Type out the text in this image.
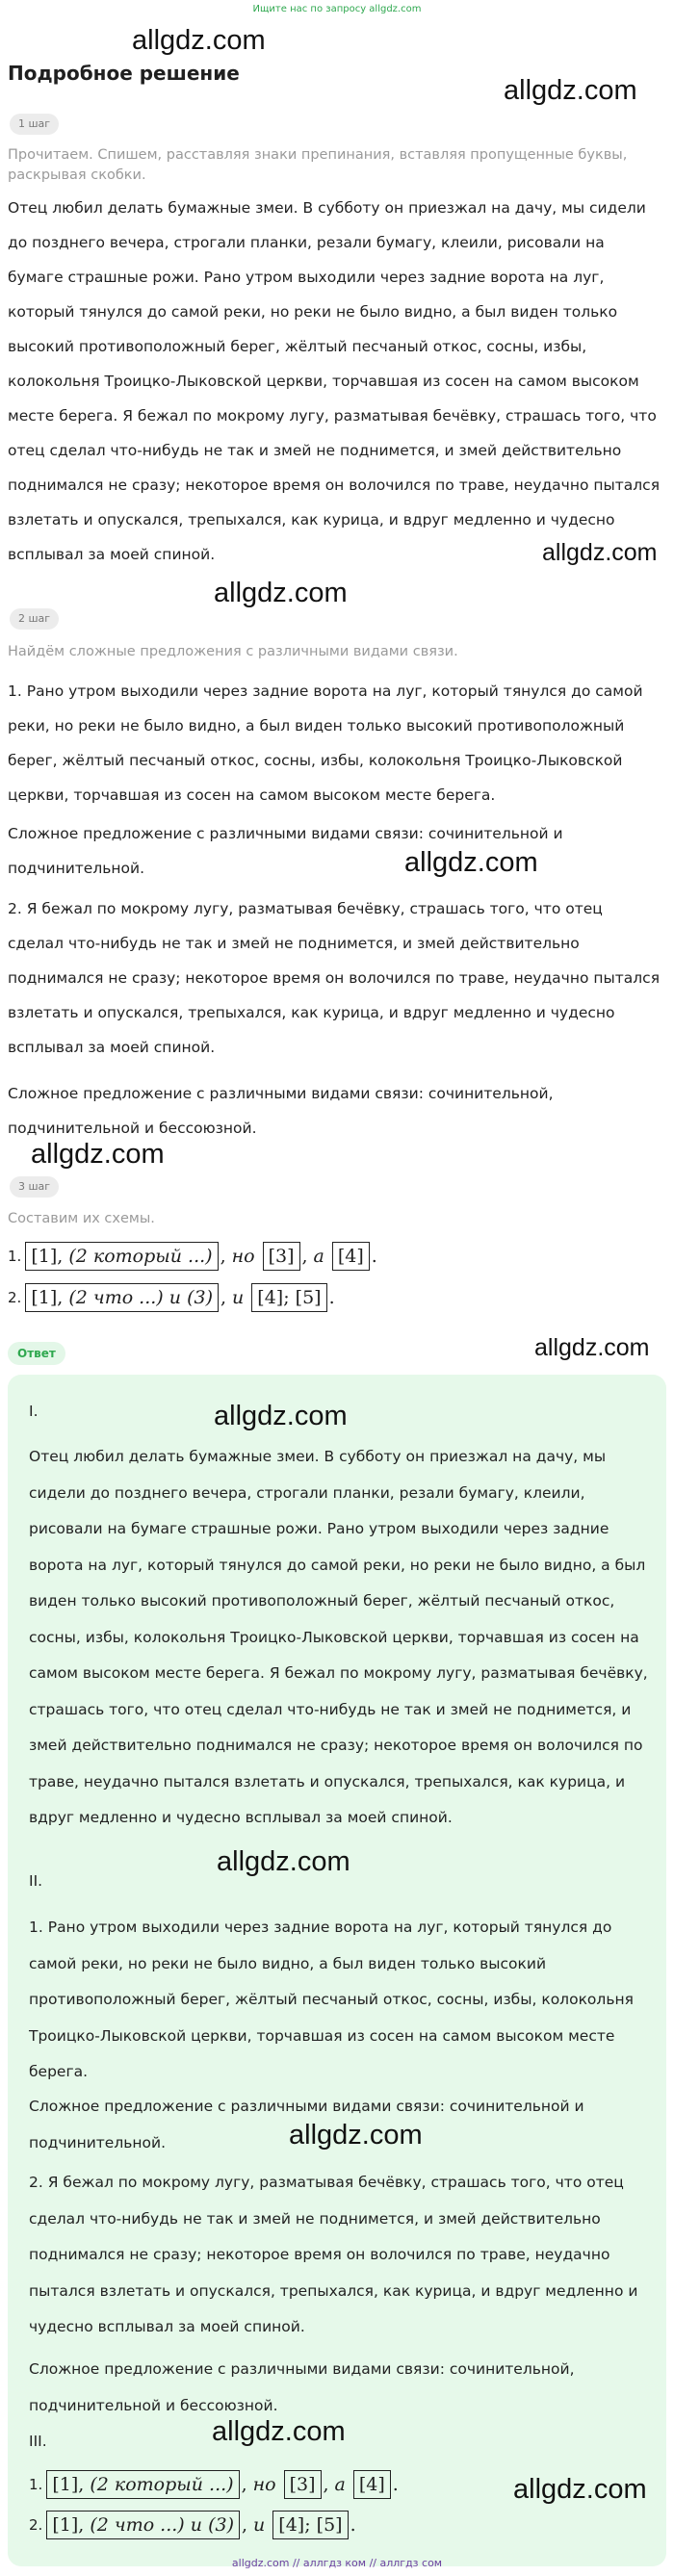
Ищите нас по запросу allgdz.com
allgdz.com
Подробное решение
allgdz.com
1 шаг
Прочитаем. Спишем, расставляя знаки препинания, вставляя пропущенные буквы, раскрывая скобки.
Отец любил делать бумажные змеи. В субботу он приезжал на дачу, мы сидели до позднего вечера, строгали планки, резали бумагу, клеили, рисовали на бумаге страшные рожи. Рано утром выходили через задние ворота на луг, который тянулся до самой реки, но реки не было видно, а был виден только высокий противоположный берег, жёлтый песчаный откос, сосны, избы, колокольня Троицко-Лыковской церкви, торчавшая из сосен на самом высоком месте берега. Я бежал по мокрому лугу, разматывая бечёвку, страшась того, что отец сделал что-нибудь не так и змей не поднимется, и змей действительно поднимался не сразу; некоторое время он волочился по траве, неудачно пытался взлетать и опускался, трепыхался, как курица, и вдруг медленно и чудесно всплывал за моей спиной.	allgdz.com
allgdz.com
2 шаг
Найдём сложные предложения с различными видами связи.
1. Рано утром выходили через задние ворота на луг, который тянулся до самой реки, но реки не было видно, а был виден только высокий противоположный берег, жёлтый песчаный откос, сосны, избы, колокольня Троицко-Лыковской церкви, торчавшая из сосен на самом высоком месте берега.
Сложное предложение с различными видами связи: сочинительной и подчинительной.	allgdz.com
2. Я бежал по мокрому лугу, разматывая бечёвку, страшась того, что отец сделал что-нибудь не так и змей не поднимется, и змей действительно поднимался не сразу; некоторое время он волочился по траве, неудачно пытался взлетать и опускался, трепыхался, как курица, и вдруг медленно и чудесно всплывал за моей спиной.
Сложное предложение с различными видами связи: сочинительной, подчинительной и бессоюзной.
allgdz.com
3 шаг
Составим их схемы.
1. [1], (2 который ...) , но [3] , а [4] .
2. [1], (2 что ...) и (3) , и [4]; [5] .
Ответ	allgdz.com
I.	allgdz.com
Отец любил делать бумажные змеи. В субботу он приезжал на дачу, мы сидели до позднего вечера, строгали планки, резали бумагу, клеили, рисовали на бумаге страшные рожи. Рано утром выходили через задние ворота на луг, который тянулся до самой реки, но реки не было видно, а был виден только высокий противоположный берег, жёлтый песчаный откос, сосны, избы, колокольня Троицко-Лыковской церкви, торчавшая из сосен на самом высоком месте берега. Я бежал по мокрому лугу, разматывая бечёвку, страшась того, что отец сделал что-нибудь не так и змей не поднимется, и змей действительно поднимался не сразу; некоторое время он волочился по траве, неудачно пытался взлетать и опускался, трепыхался, как курица, и вдруг медленно и чудесно всплывал за моей спиной.
II.
allgdz.com
1. Рано утром выходили через задние ворота на луг, который тянулся до самой реки, но реки не было видно, а был виден только высокий противоположный берег, жёлтый песчаный откос, сосны, избы, колокольня Троицко-Лыковской церкви, торчавшая из сосен на самом высоком месте берега.
Сложное предложение с различными видами связи: сочинительной и подчинительной.	allgdz.com
2. Я бежал по мокрому лугу, разматывая бечёвку, страшась того, что отец сделал что-нибудь не так и змей не поднимется, и змей действительно поднимался не сразу; некоторое время он волочился по траве, неудачно пытался взлетать и опускался, трепыхался, как курица, и вдруг медленно и чудесно всплывал за моей спиной.
Сложное предложение с различными видами связи: сочинительной, подчинительной и бессоюзной.
III.	allgdz.com
allgdz.com
1. [1], (2 который ...) , но [3] , а [4] .
2. [1], (2 что ...) и (3) , и [4]; [5] .
allgdz.com // аллгдз ком // аллгдз сом
